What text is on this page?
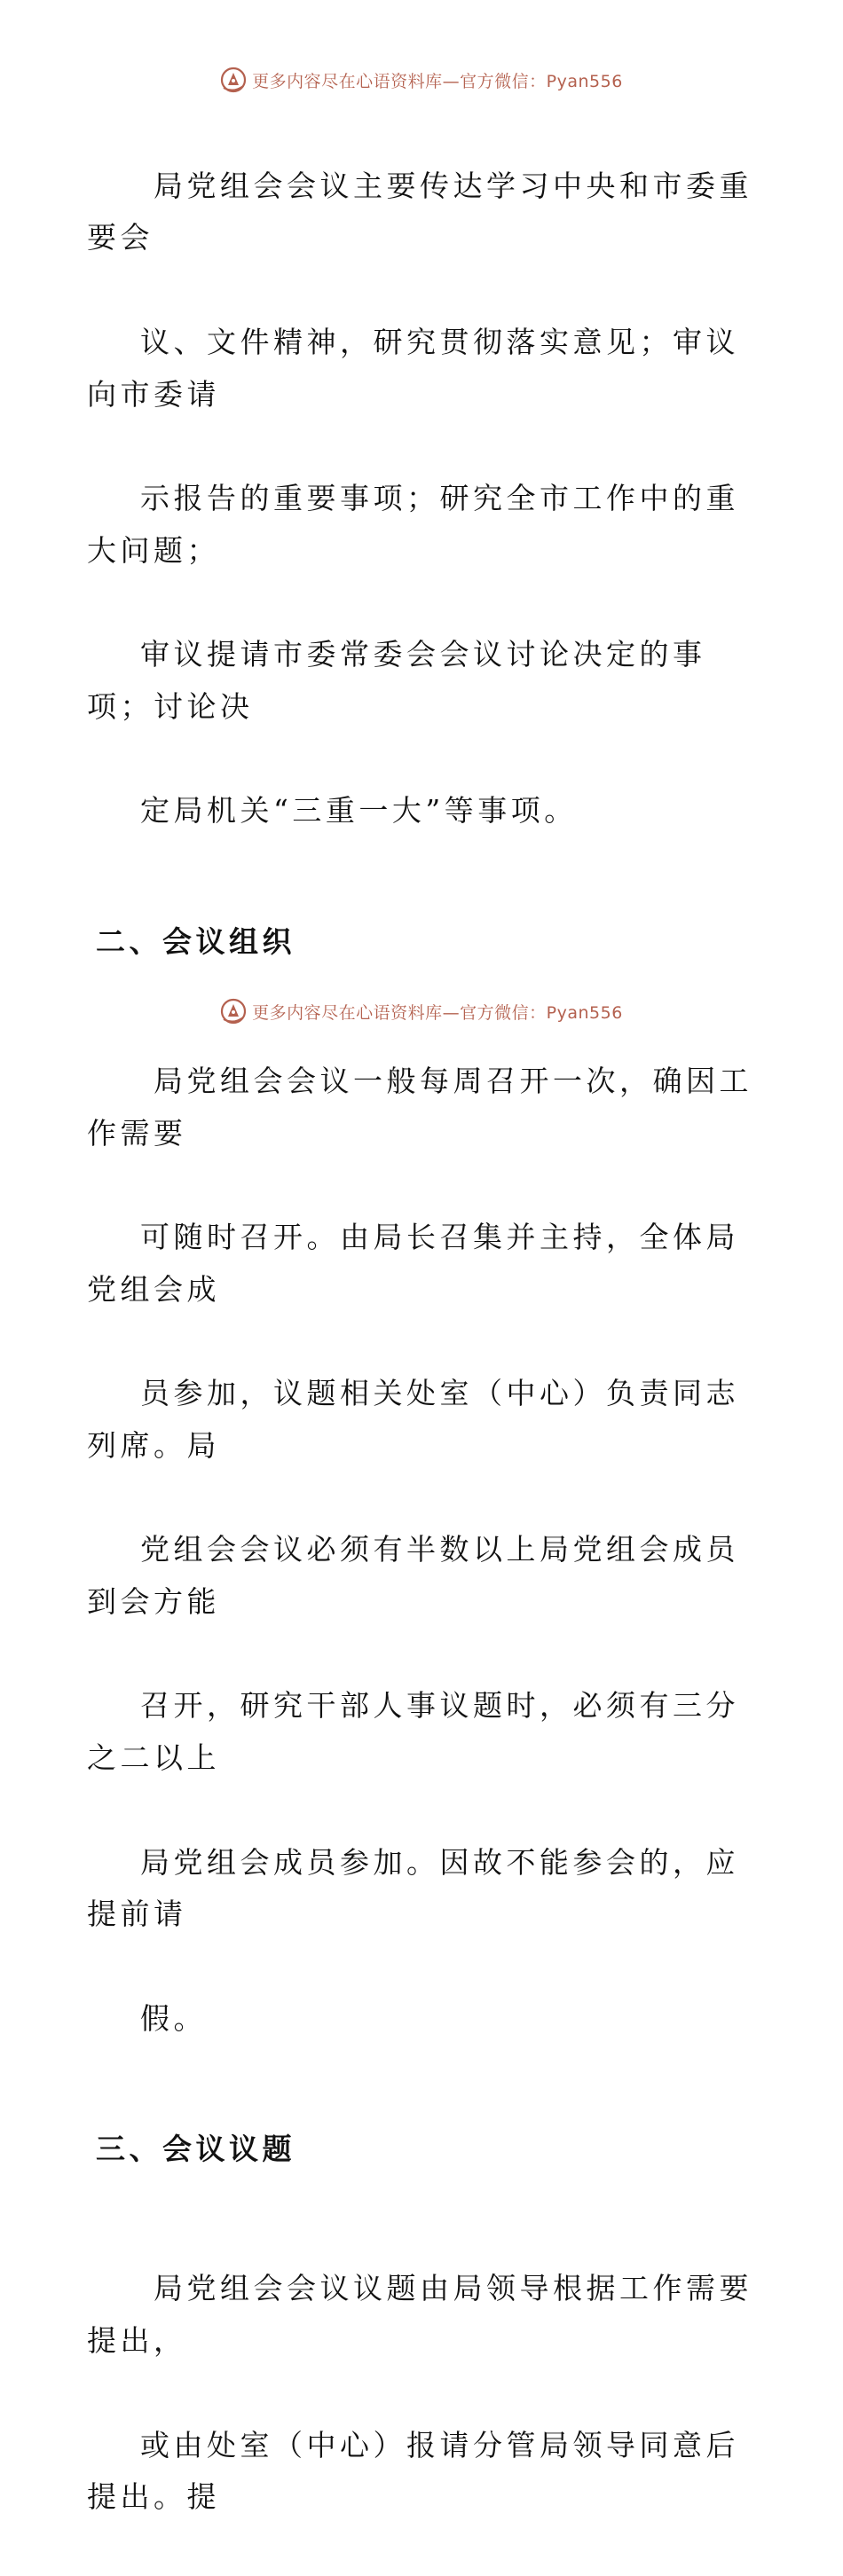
更多内容尽在心语资料库—官方微信：Pyan556

局党组会会议主要传达学习中央和市委重要会

议、文件精神，研究贯彻落实意见；审议向市委请

示报告的重要事项；研究全市工作中的重大问题；

审议提请市委常委会会议讨论决定的事项；讨论决

定局机关“三重一大”等事项。

二、会议组织

局党组会会议一般每周召开一次，确因工作需要

可随时召开。由局长召集并主持，全体局党组会成

员参加，议题相关处室（中心）负责同志列席。局

党组会会议必须有半数以上局党组会成员到会方能

召开，研究干部人事议题时，必须有三分之二以上

局党组会成员参加。因故不能参会的，应提前请

假。

三、会议议题

局党组会会议议题由局领导根据工作需要提出，

或由处室（中心）报请分管局领导同意后提出。提

更多内容尽在心语资料库—官方微信：Pyan556
